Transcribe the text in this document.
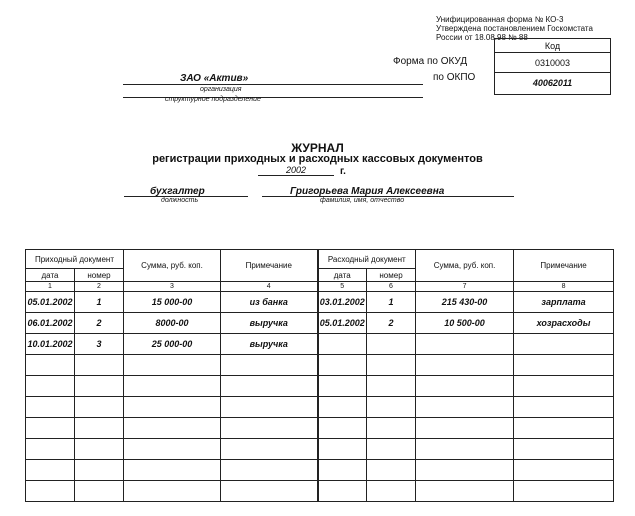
Унифицированная форма № КО-3
Утверждена постановлением Госкомстата
России от 18.08.98 № 88
Код
0310003
40062011
Форма по ОКУД
по ОКПО
ЗАО «Актив»
организация
структурное подразделение
ЖУРНАЛ
регистрации приходных и расходных кассовых документов
2002	г.
бухгалтер
должность
Григорьева Мария Алексеевна
фамилия, имя, отчество
Приходный документ		Сумма, руб. коп.	Примечание	Расходный документ		Сумма, руб. коп.	Примечание
дата	номер			дата	номер		
1	2	3	4	5	6	7	8
05.01.2002	1	15 000-00	из банка	03.01.2002	1	215 430-00	зарплата
06.01.2002	2	8000-00	выручка	05.01.2002	2	10 500-00	хозрасходы
10.01.2002	3	25 000-00	выручка				
